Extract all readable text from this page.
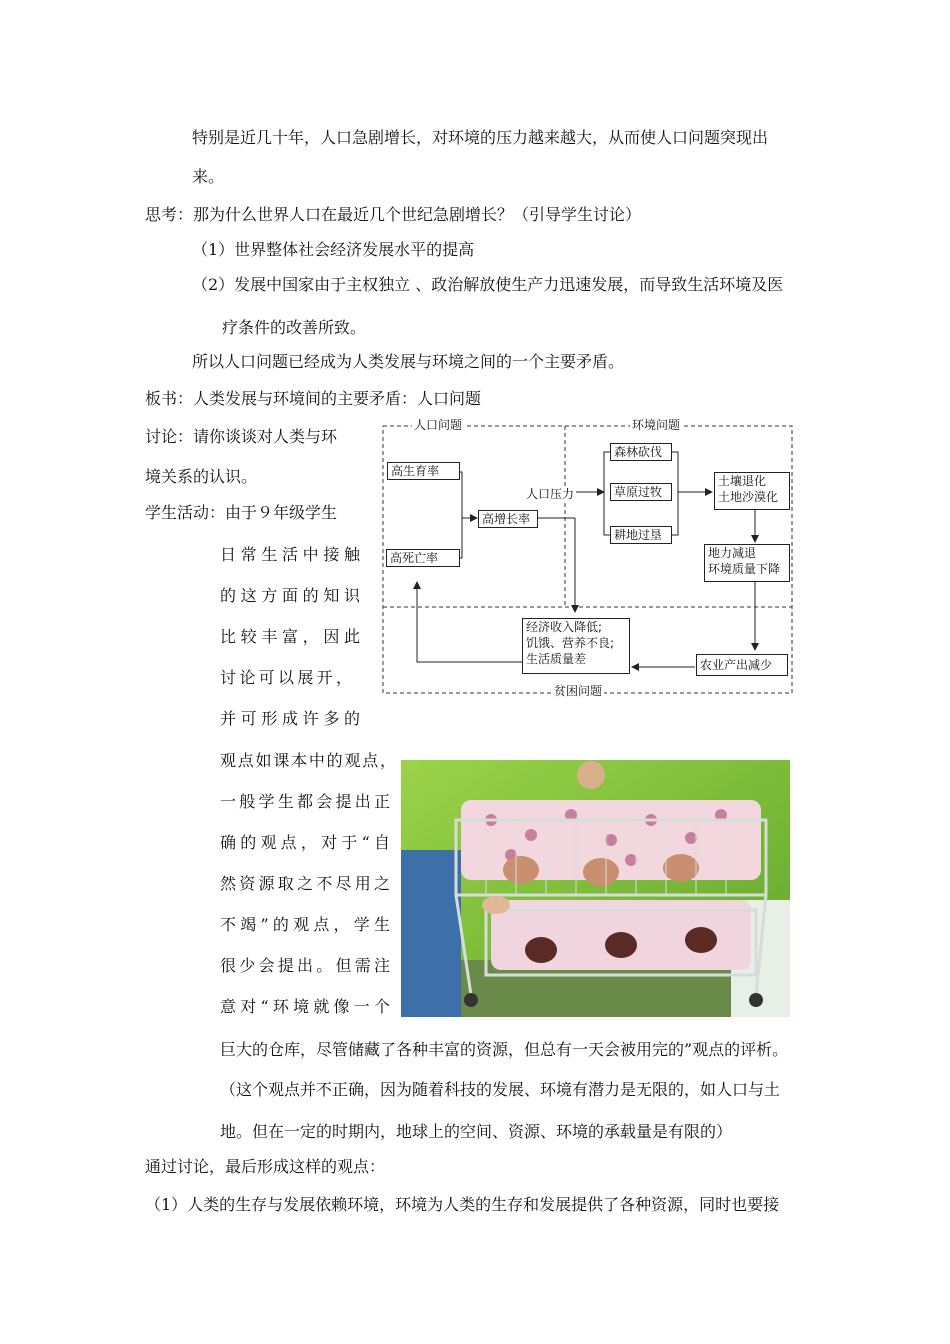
特别是近几十年，人口急剧增长，对环境的压力越来越大，从而使人口问题突现出
来。
思考：那为什么世界人口在最近几个世纪急剧增长？（引导学生讨论）
（1）世界整体社会经济发展水平的提高
（2）发展中国家由于主权独立 、政治解放使生产力迅速发展，而导致生活环境及医
疗条件的改善所致。
所以人口问题已经成为人类发展与环境之间的一个主要矛盾。
板书：人类发展与环境间的主要矛盾：人口问题
讨论：请你谈谈对人类与环
境关系的认识。
学生活动：由于９年级学生
日常生活中接触
的这方面的知识
比较丰富，因此
讨论可以展开，
并可形成许多的
观点如课本中的观点，
一般学生都会提出正
确的观点，对于“自
然资源取之不尽用之
不竭”的观点，学生
很少会提出。但需注
意对“环境就像一个
巨大的仓库，尽管储藏了各种丰富的资源，但总有一天会被用完的”观点的评析。
（这个观点并不正确，因为随着科技的发展、环境有潜力是无限的，如人口与土
地。但在一定的时期内，地球上的空间、资源、环境的承载量是有限的）
通过讨论，最后形成这样的观点：
（1）人类的生存与发展依赖环境，环境为人类的生存和发展提供了各种资源，同时也要接
人口问题	环境问题
贫困问题
高生育率
高死亡率
高增长率
人口压力
森林砍伐
草原过牧
耕地过垦
土壤退化
土地沙漠化
地力减退
环境质量下降
农业产出减少
经济收入降低;
饥饿、营养不良;
生活质量差
